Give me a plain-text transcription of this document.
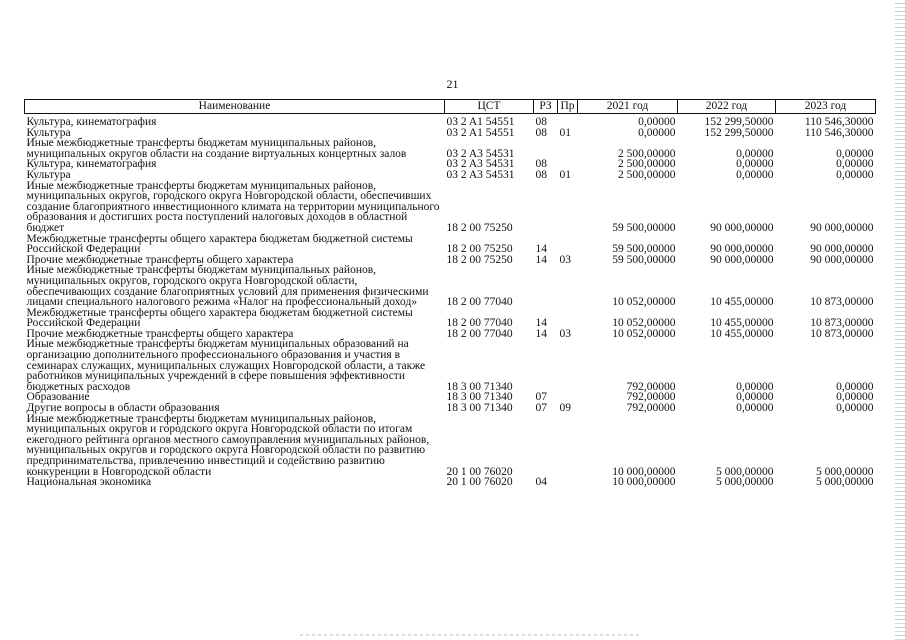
21
Наименование	ЦСТ	РЗ	Пр	2021 год	2022 год	2023 год

Культура, кинематография	03 2 A1 54551	08		0,00000	152 299,50000	110 546,30000
Культура	03 2 A1 54551	08	01	0,00000	152 299,50000	110 546,30000
Иные межбюджетные трансферты бюджетам муниципальных районов, муниципальных округов области на создание виртуальных концертных залов	03 2 A3 54531			2 500,00000	0,00000	0,00000
Культура, кинематография	03 2 A3 54531	08		2 500,00000	0,00000	0,00000
Культура	03 2 A3 54531	08	01	2 500,00000	0,00000	0,00000
Иные межбюджетные трансферты бюджетам муниципальных районов, муниципальных округов, городского округа Новгородской области, обеспечивших создание благоприятного инвестиционного климата на территории муниципального образования и достигших роста поступлений налоговых доходов в областной бюджет	18 2 00 75250			59 500,00000	90 000,00000	90 000,00000
Межбюджетные трансферты общего характера бюджетам бюджетной системы Российской Федерации	18 2 00 75250	14		59 500,00000	90 000,00000	90 000,00000
Прочие межбюджетные трансферты общего характера	18 2 00 75250	14	03	59 500,00000	90 000,00000	90 000,00000
Иные межбюджетные трансферты бюджетам муниципальных районов, муниципальных округов, городского округа Новгородской области, обеспечивающих создание благоприятных условий для применения физическими лицами специального налогового режима «Налог на профессиональный доход»	18 2 00 77040			10 052,00000	10 455,00000	10 873,00000
Межбюджетные трансферты общего характера бюджетам бюджетной системы Российской Федерации	18 2 00 77040	14		10 052,00000	10 455,00000	10 873,00000
Прочие межбюджетные трансферты общего характера	18 2 00 77040	14	03	10 052,00000	10 455,00000	10 873,00000
Иные межбюджетные трансферты бюджетам муниципальных образований на организацию дополнительного профессионального образования и участия в семинарах служащих, муниципальных служащих Новгородской области, а также работников муниципальных учреждений в сфере повышения эффективности бюджетных расходов	18 3 00 71340			792,00000	0,00000	0,00000
Образование	18 3 00 71340	07		792,00000	0,00000	0,00000
Другие вопросы в области образования	18 3 00 71340	07	09	792,00000	0,00000	0,00000
Иные межбюджетные трансферты бюджетам муниципальных районов, муниципальных округов и городского округа Новгородской области по итогам ежегодного рейтинга органов местного самоуправления муниципальных районов, муниципальных округов и городского округа Новгородской области по развитию предпринимательства, привлечению инвестиций и содействию развитию конкуренции в Новгородской области	20 1 00 76020			10 000,00000	5 000,00000	5 000,00000
Национальная экономика	20 1 00 76020	04		10 000,00000	5 000,00000	5 000,00000
